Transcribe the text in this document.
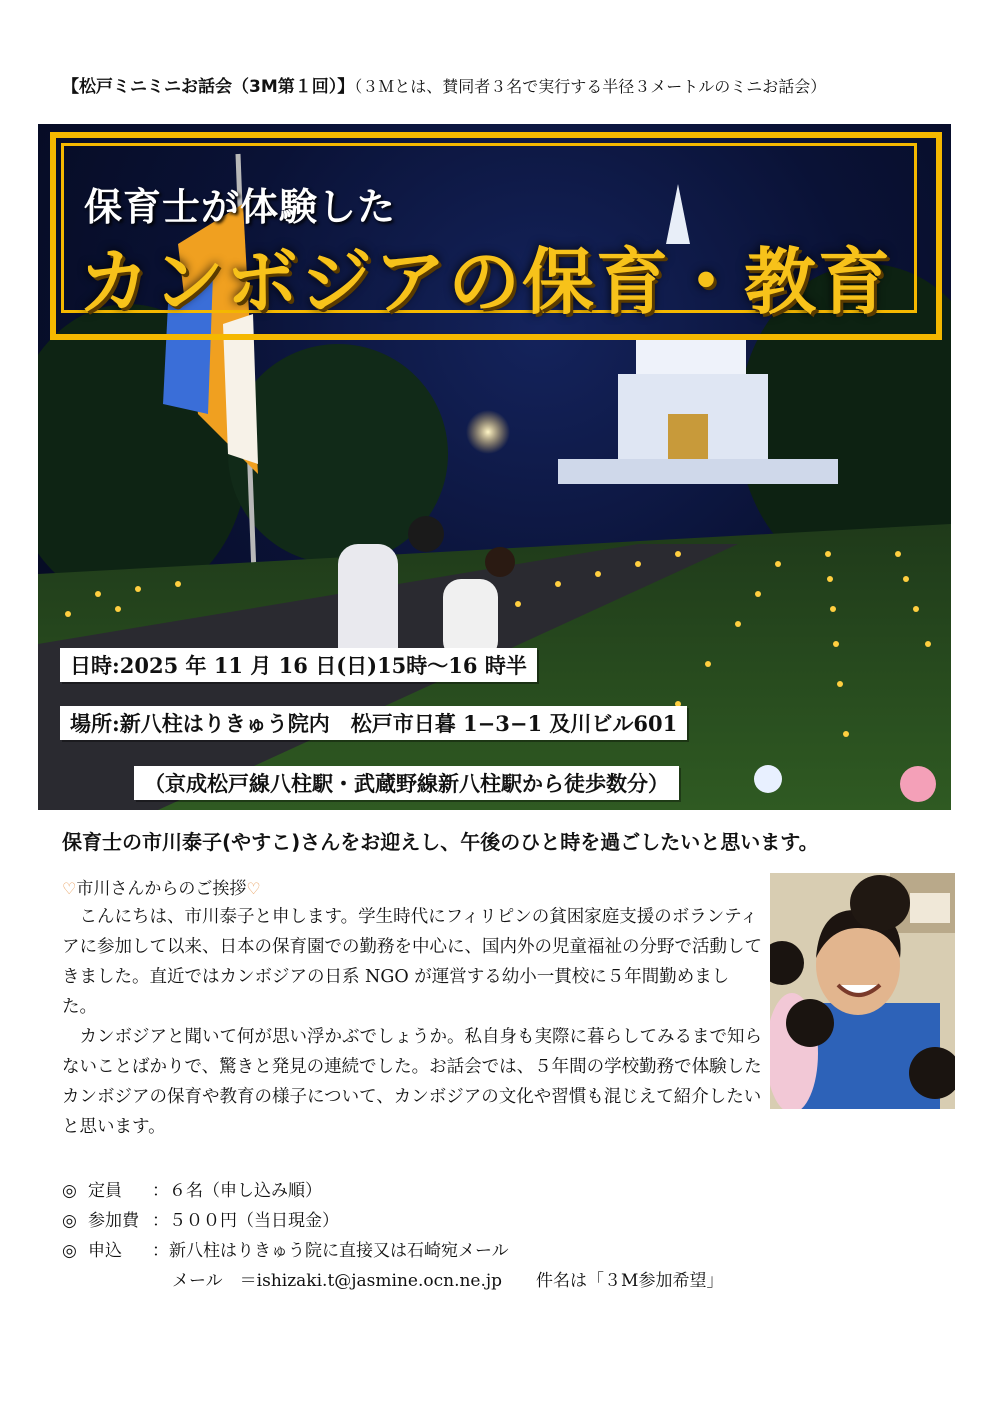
【松戸ミニミニお話会（3M第１回）】（３Ｍとは、賛同者３名で実行する半径３メートルのミニお話会）
保育士が体験した
カンボジアの保育・教育
日時:2025 年 11 月 16 日(日)15時～16 時半
場所:新八柱はりきゅう院内　松戸市日暮 1−3−1 及川ビル601
（京成松戸線八柱駅・武蔵野線新八柱駅から徒歩数分）
保育士の市川泰子(やすこ)さんをお迎えし、午後のひと時を過ごしたいと思います。
♡市川さんからのご挨拶♡

こんにちは、市川泰子と申します。学生時代にフィリピンの貧困家庭支援のボランティアに参加して以来、日本の保育園での勤務を中心に、国内外の児童福祉の分野で活動してきました。直近ではカンボジアの日系 NGO が運営する幼小一貫校に５年間勤めました。

カンボジアと聞いて何が思い浮かぶでしょうか。私自身も実際に暮らしてみるまで知らないことばかりで、驚きと発見の連続でした。お話会では、５年間の学校勤務で体験したカンボジアの保育や教育の様子について、カンボジアの文化や習慣も混じえて紹介したいと思います。

◎ 定員 ：６名（申し込み順）
◎ 参加費 ：５００円（当日現金）
◎ 申込 ：新八柱はりきゅう院に直接又は石崎宛メール
メール　＝ishizaki.t@jasmine.ocn.ne.jp　　件名は「３M参加希望」
